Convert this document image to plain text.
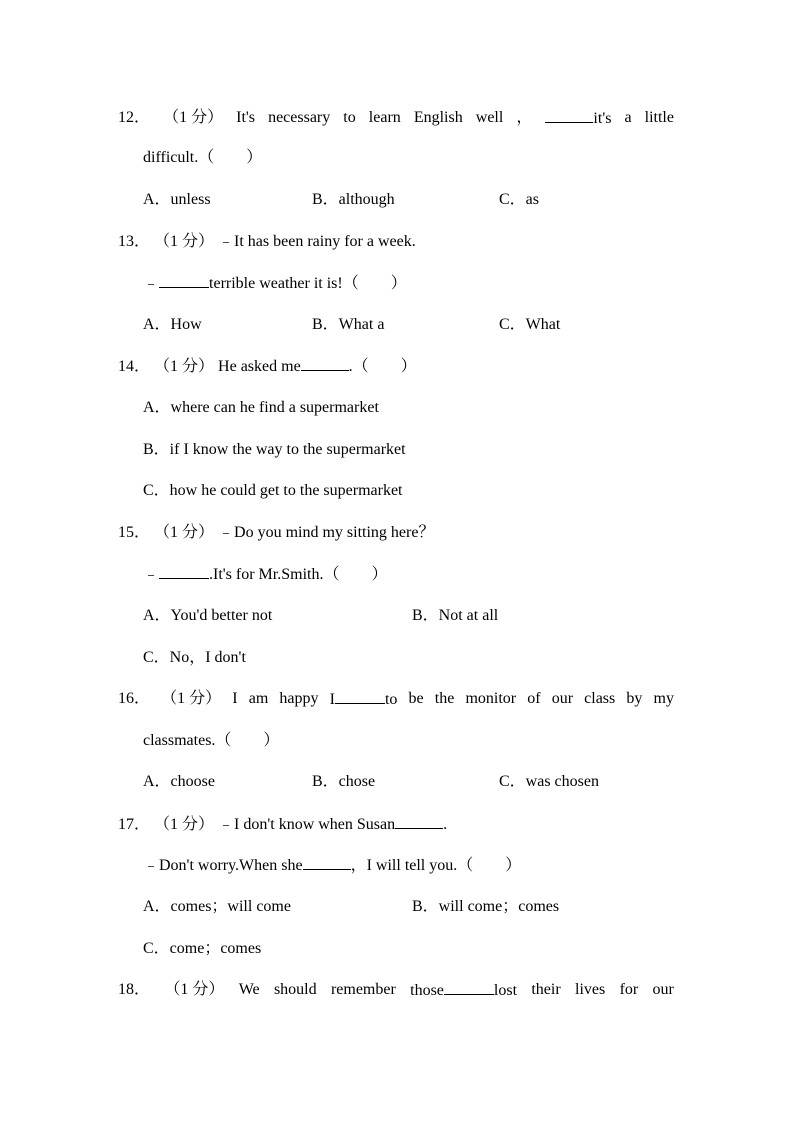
12． （1 分） It's necessary to learn English well ，	it's a little
difficult.（　　）
A．unless	B．although	C．as
13． （1 分） ﹣It has been rainy for a week.
﹣	terrible weather it is!（　　）
A．How	B．What a	C．What
14． （1 分） He asked me	.（　　）
A．where can he find a supermarket
B．if I know the way to the supermarket
C．how he could get to the supermarket
15． （1 分） ﹣Do you mind my sitting here？
﹣	.It's for Mr.Smith.（　　）
A．You'd better not	B．Not at all
C．No，I don't
16． （1 分） I am happy I	to be the monitor of our class by my
classmates.（　　）
A．choose	B．chose	C．was chosen
17． （1 分） ﹣I don't know when Susan	.
﹣Don't worry.When she	，I will tell you.（　　）
A．comes；will come	B．will come；comes
C．come；comes
18． （1 分） We should remember those	lost their lives for our
